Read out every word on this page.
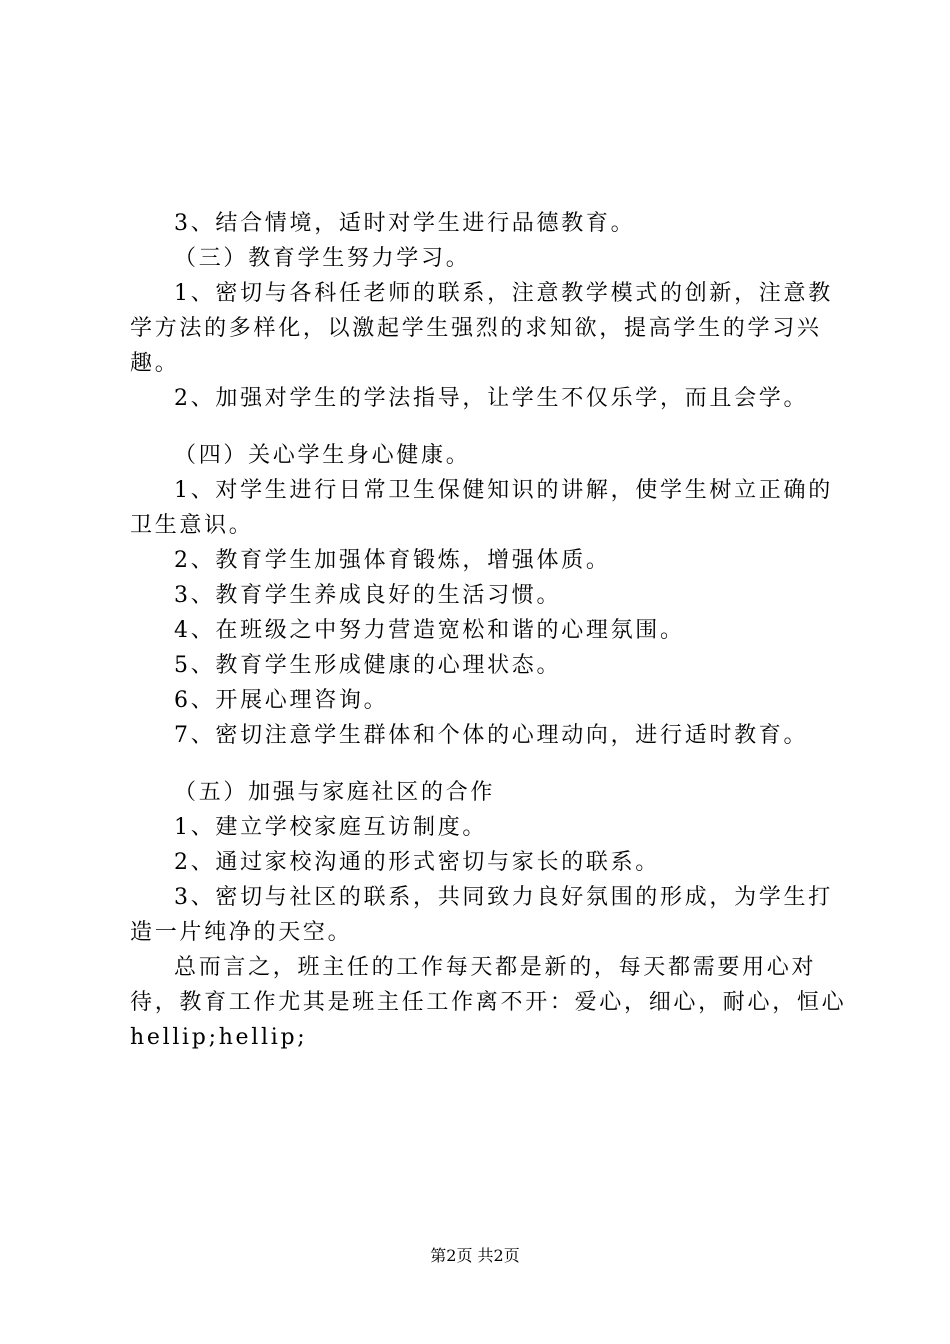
3、结合情境，适时对学生进行品德教育。

（三）教育学生努力学习。

1、密切与各科任老师的联系，注意教学模式的创新，注意教学方法的多样化，以激起学生强烈的求知欲，提高学生的学习兴趣。

2、加强对学生的学法指导，让学生不仅乐学，而且会学。

（四）关心学生身心健康。

1、对学生进行日常卫生保健知识的讲解，使学生树立正确的卫生意识。

2、教育学生加强体育锻炼，增强体质。

3、教育学生养成良好的生活习惯。

4、在班级之中努力营造宽松和谐的心理氛围。

5、教育学生形成健康的心理状态。

6、开展心理咨询。

7、密切注意学生群体和个体的心理动向，进行适时教育。

（五）加强与家庭社区的合作

1、建立学校家庭互访制度。

2、通过家校沟通的形式密切与家长的联系。

3、密切与社区的联系，共同致力良好氛围的形成，为学生打造一片纯净的天空。

总而言之，班主任的工作每天都是新的，每天都需要用心对待，教育工作尤其是班主任工作离不开：爱心，细心，耐心，恒心hellip;hellip;

第2页 共2页
